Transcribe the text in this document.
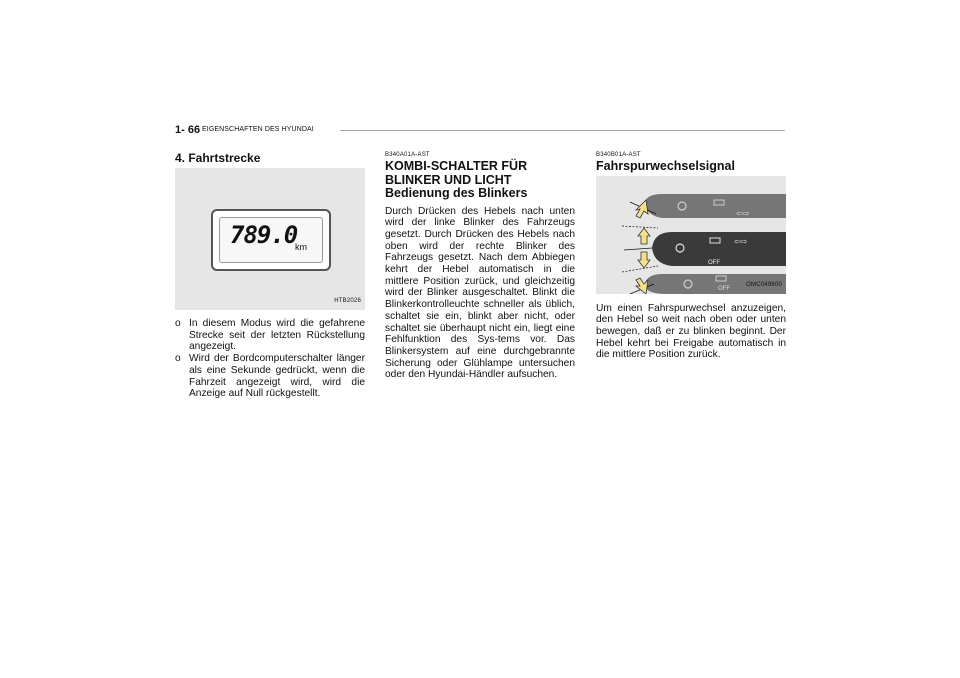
1- 66 EIGENSCHAFTEN DES HYUNDAI
4. Fahrtstrecke
789.0
km
HTB2026
o In diesem Modus wird die gefahrene Strecke seit der letzten Rückstellung angezeigt.
o Wird der Bordcomputerschalter länger als eine Sekunde gedrückt, wenn die Fahrzeit angezeigt wird, wird die Anzeige auf Null rückgestellt.
B340A01A-AST
KOMBI-SCHALTER FÜR BLINKER UND LICHT
Bedienung des Blinkers

Durch Drücken des Hebels nach unten wird der linke Blinker des Fahrzeugs gesetzt. Durch Drücken des Hebels nach oben wird der rechte Blinker des Fahrzeugs gesetzt. Nach dem Abbiegen kehrt der Hebel automatisch in die mittlere Position zurück, und gleichzeitig wird der Blinker ausgeschaltet. Blinkt die Blinkerkontrolleuchte schneller als üblich, schaltet sie ein, blinkt aber nicht, oder schaltet sie überhaupt nicht ein, liegt eine Fehlfunktion des Sys-tems vor. Das Blinkersystem auf eine durchgebrannte Sicherung oder Glühlampe untersuchen oder den Hyundai-Händler aufsuchen.

B340B01A-AST
Fahrspurwechselsignal
⇦⇨
⇦⇨
OFF
OFF
OMC049600

Um einen Fahrspurwechsel anzuzeigen, den Hebel so weit nach oben oder unten bewegen, daß er zu blinken beginnt. Der Hebel kehrt bei Freigabe automatisch in die mittlere Position zurück.
